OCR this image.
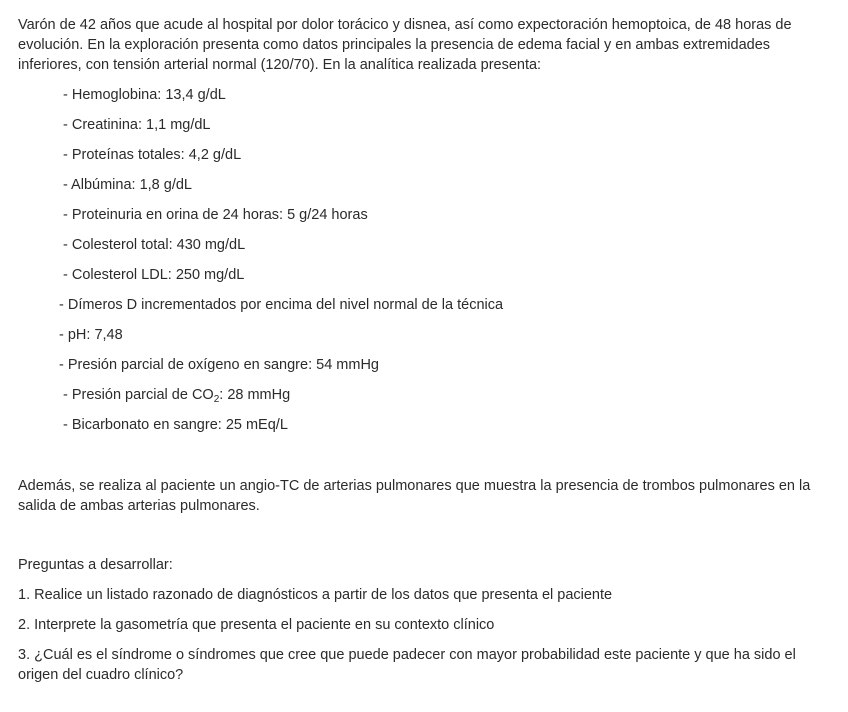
Varón de 42 años que acude al hospital por dolor torácico y disnea, así como expectoración hemoptoica, de 48 horas de evolución. En la exploración presenta como datos principales la presencia de edema facial y en ambas extremidades inferiores, con tensión arterial normal (120/70). En la analítica realizada presenta:

- Hemoglobina: 13,4 g/dL

- Creatinina: 1,1 mg/dL

- Proteínas totales: 4,2 g/dL

- Albúmina: 1,8 g/dL

- Proteinuria en orina de 24 horas: 5 g/24 horas

- Colesterol total: 430 mg/dL

- Colesterol LDL: 250 mg/dL

- Dímeros D incrementados por encima del nivel normal de la técnica

- pH: 7,48

- Presión parcial de oxígeno en sangre: 54 mmHg

- Presión parcial de $CO_2$: 28 mmHg

- Bicarbonato en sangre: 25 mEq/L

Además, se realiza al paciente un angio-TC de arterias pulmonares que muestra la presencia de trombos pulmonares en la salida de ambas arterias pulmonares.

Preguntas a desarrollar:

1. Realice un listado razonado de diagnósticos a partir de los datos que presenta el paciente

2. Interprete la gasometría que presenta el paciente en su contexto clínico

3. ¿Cuál es el síndrome o síndromes que cree que puede padecer con mayor probabilidad este paciente y que ha sido el origen del cuadro clínico?
